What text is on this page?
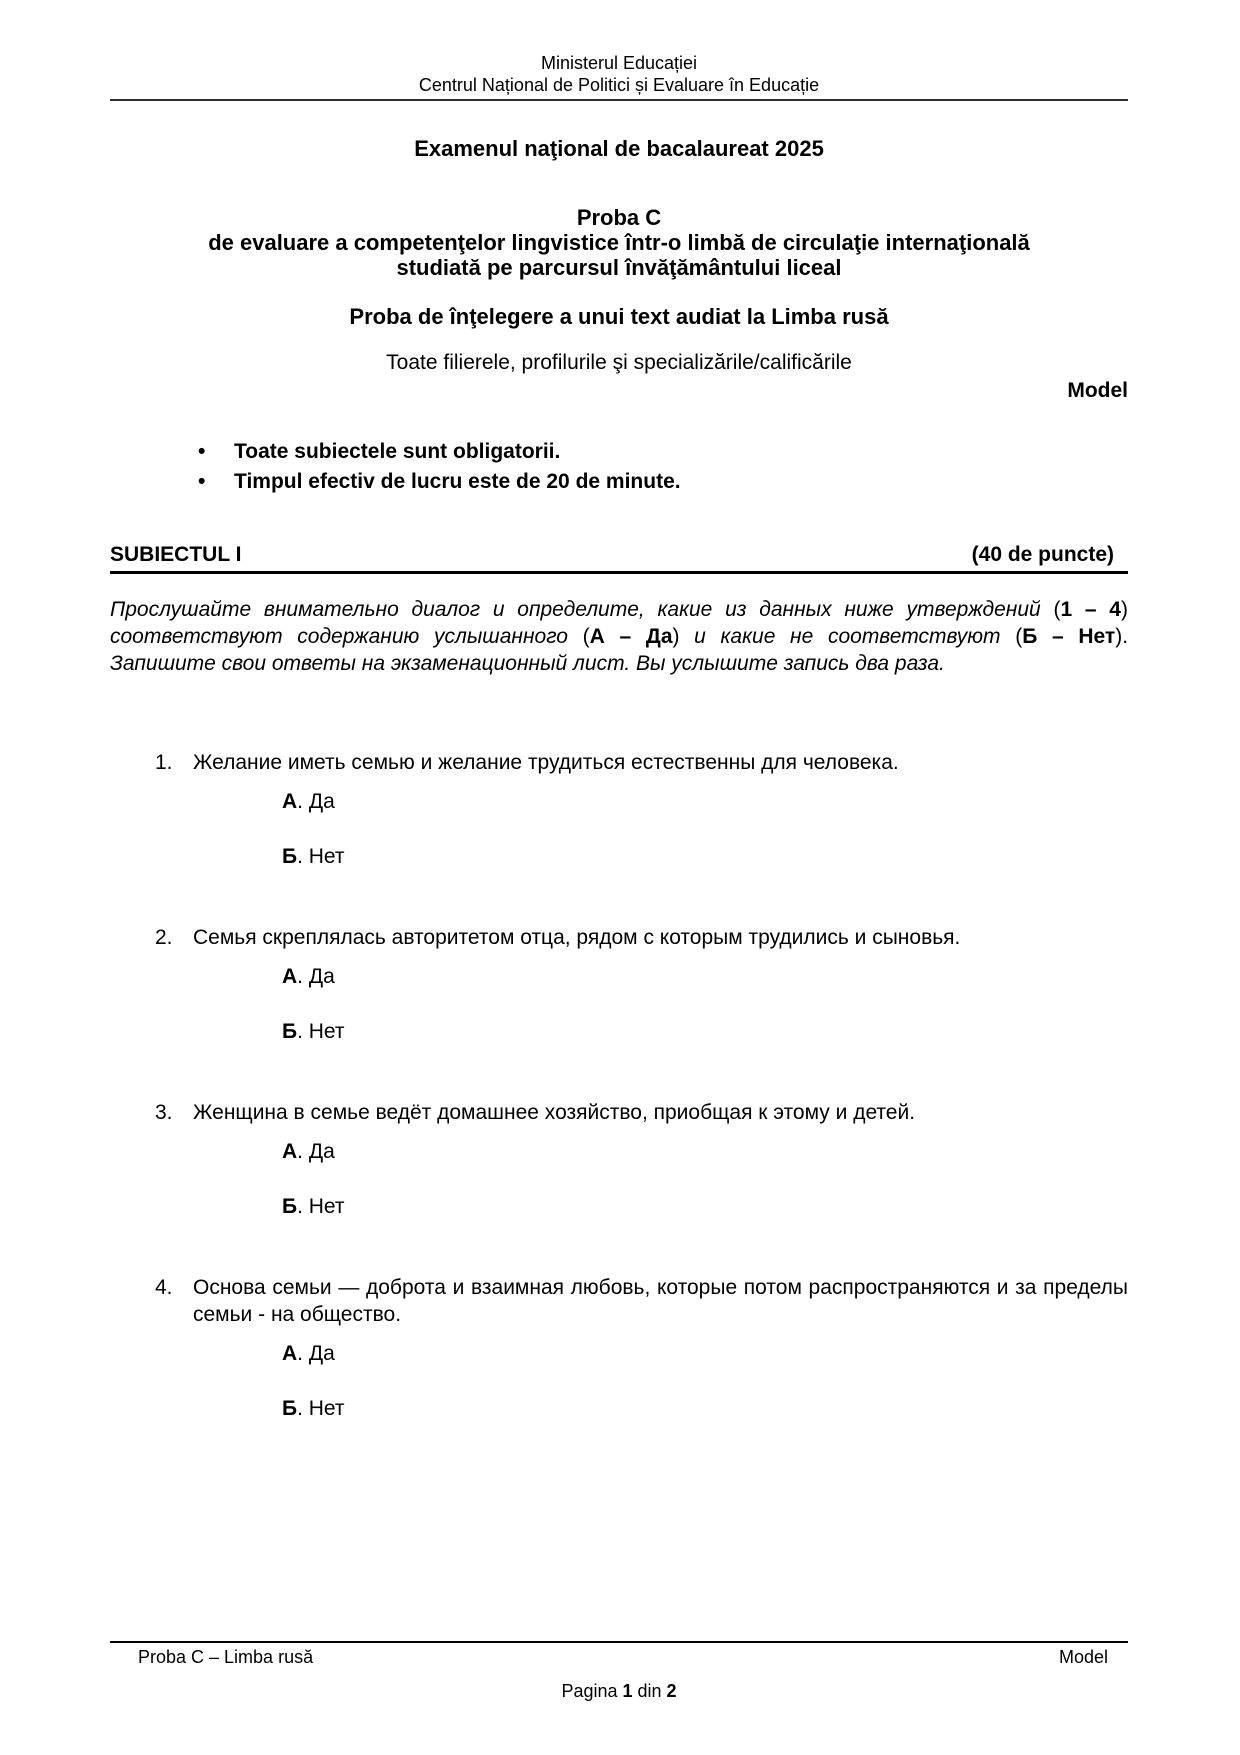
Ministerul Educației
Centrul Național de Politici și Evaluare în Educație
Examenul naţional de bacalaureat 2025
Proba C
de evaluare a competenţelor lingvistice într-o limbă de circulaţie internaţională
studiată pe parcursul învăţământului liceal
Proba de înţelegere a unui text audiat la Limba rusă
Toate filierele, profilurile şi specializările/calificările
Model
•	Toate subiectele sunt obligatorii.
•	Timpul efectiv de lucru este de 20 de minute.
SUBIECTUL I	(40 de puncte)
Прослушайте внимательно диалог и определите, какие из данных ниже утверждений (1 – 4) соответствуют содержанию услышанного (А – Да) и какие не соответствуют (Б – Нет). Запишите свои ответы на экзаменационный лист. Вы услышите запись два раза.
1. Желание иметь семью и желание трудиться естественны для человека.
А. Да
Б. Нет
2. Семья скреплялась авторитетом отца, рядом с которым трудились и сыновья.
А. Да
Б. Нет
3. Женщина в семье ведёт домашнее хозяйство, приобщая к этому и детей.
А. Да
Б. Нет
4. Основа семьи — доброта и взаимная любовь, которые потом распространяются и за пределы семьи - на общество.
А. Да
Б. Нет
Proba C – Limba rusă	Model
Pagina 1 din 2
